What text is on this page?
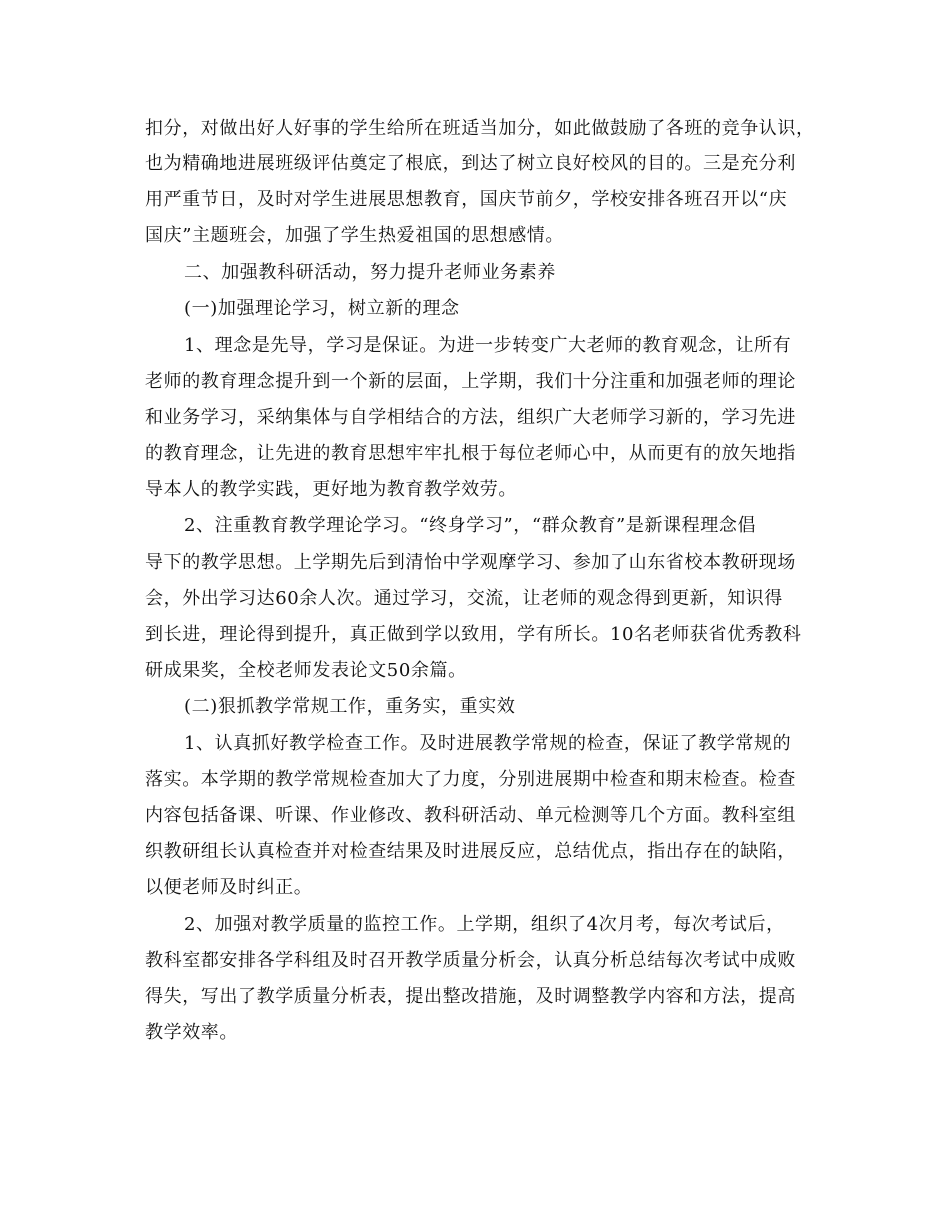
扣分，对做出好人好事的学生给所在班适当加分，如此做鼓励了各班的竞争认识，
也为精确地进展班级评估奠定了根底，到达了树立良好校风的目的。三是充分利
用严重节日，及时对学生进展思想教育，国庆节前夕，学校安排各班召开以“庆
国庆”主题班会，加强了学生热爱祖国的思想感情。
二、加强教科研活动，努力提升老师业务素养
(一)加强理论学习，树立新的理念
1、理念是先导，学习是保证。为进一步转变广大老师的教育观念，让所有
老师的教育理念提升到一个新的层面，上学期，我们十分注重和加强老师的理论
和业务学习，采纳集体与自学相结合的方法，组织广大老师学习新的，学习先进
的教育理念，让先进的教育思想牢牢扎根于每位老师心中，从而更有的放矢地指
导本人的教学实践，更好地为教育教学效劳。
2、注重教育教学理论学习。“终身学习”，“群众教育”是新课程理念倡
导下的教学思想。上学期先后到清怡中学观摩学习、参加了山东省校本教研现场
会，外出学习达60余人次。通过学习，交流，让老师的观念得到更新，知识得
到长进，理论得到提升，真正做到学以致用，学有所长。10名老师获省优秀教科
研成果奖，全校老师发表论文50余篇。
(二)狠抓教学常规工作，重务实，重实效
1、认真抓好教学检查工作。及时进展教学常规的检查，保证了教学常规的
落实。本学期的教学常规检查加大了力度，分别进展期中检查和期末检查。检查
内容包括备课、听课、作业修改、教科研活动、单元检测等几个方面。教科室组
织教研组长认真检查并对检查结果及时进展反应，总结优点，指出存在的缺陷，
以便老师及时纠正。
2、加强对教学质量的监控工作。上学期，组织了4次月考，每次考试后，
教科室都安排各学科组及时召开教学质量分析会，认真分析总结每次考试中成败
得失，写出了教学质量分析表，提出整改措施，及时调整教学内容和方法，提高
教学效率。
